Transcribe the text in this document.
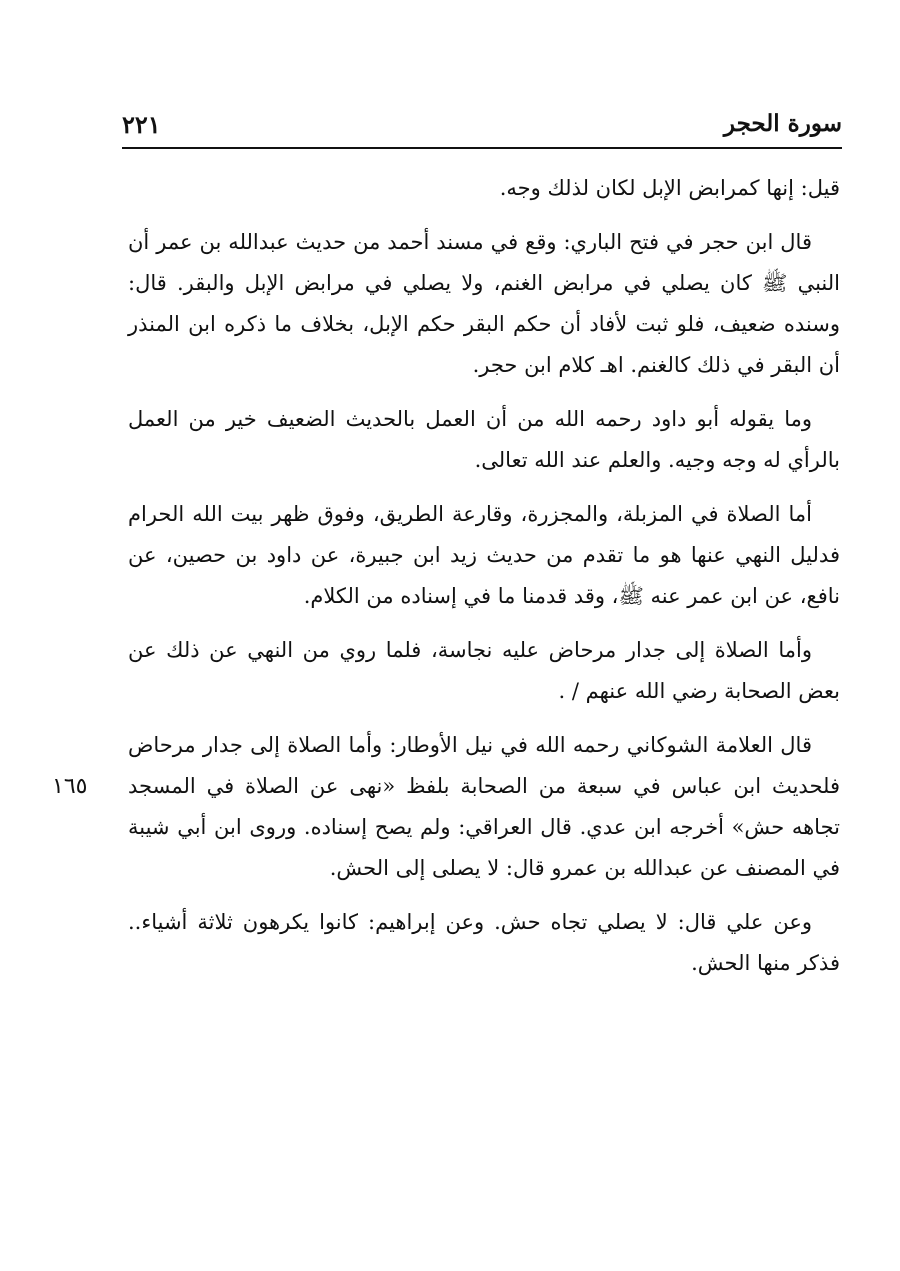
سورة الحجر
٢٢١

قيل: إنها كمرابض الإبل لكان لذلك وجه.

قال ابن حجر في فتح الباري: وقع في مسند أحمد من حديث عبدالله بن عمر أن النبي ﷺ كان يصلي في مرابض الغنم، ولا يصلي في مرابض الإبل والبقر. قال: وسنده ضعيف، فلو ثبت لأفاد أن حكم البقر حكم الإبل، بخلاف ما ذكره ابن المنذر أن البقر في ذلك كالغنم. اهـ كلام ابن حجر.

وما يقوله أبو داود رحمه الله من أن العمل بالحديث الضعيف خير من العمل بالرأي له وجه وجيه. والعلم عند الله تعالى.

أما الصلاة في المزبلة، والمجزرة، وقارعة الطريق، وفوق ظهر بيت الله الحرام فدليل النهي عنها هو ما تقدم من حديث زيد ابن جبيرة، عن داود بن حصين، عن نافع، عن ابن عمر عنه ﷺ، وقد قدمنا ما في إسناده من الكلام.

وأما الصلاة إلى جدار مرحاض عليه نجاسة، فلما روي من النهي عن ذلك عن بعض الصحابة رضي الله عنهم / .

قال العلامة الشوكاني رحمه الله في نيل الأوطار: وأما الصلاة إلى جدار مرحاض فلحديث ابن عباس في سبعة من الصحابة بلفظ «نهى عن الصلاة في المسجد تجاهه حش» أخرجه ابن عدي. قال العراقي: ولم يصح إسناده. وروى ابن أبي شيبة في المصنف عن عبدالله بن عمرو قال: لا يصلى إلى الحش.

وعن علي قال: لا يصلي تجاه حش. وعن إبراهيم: كانوا يكرهون ثلاثة أشياء.. فذكر منها الحش.

١٦٥
